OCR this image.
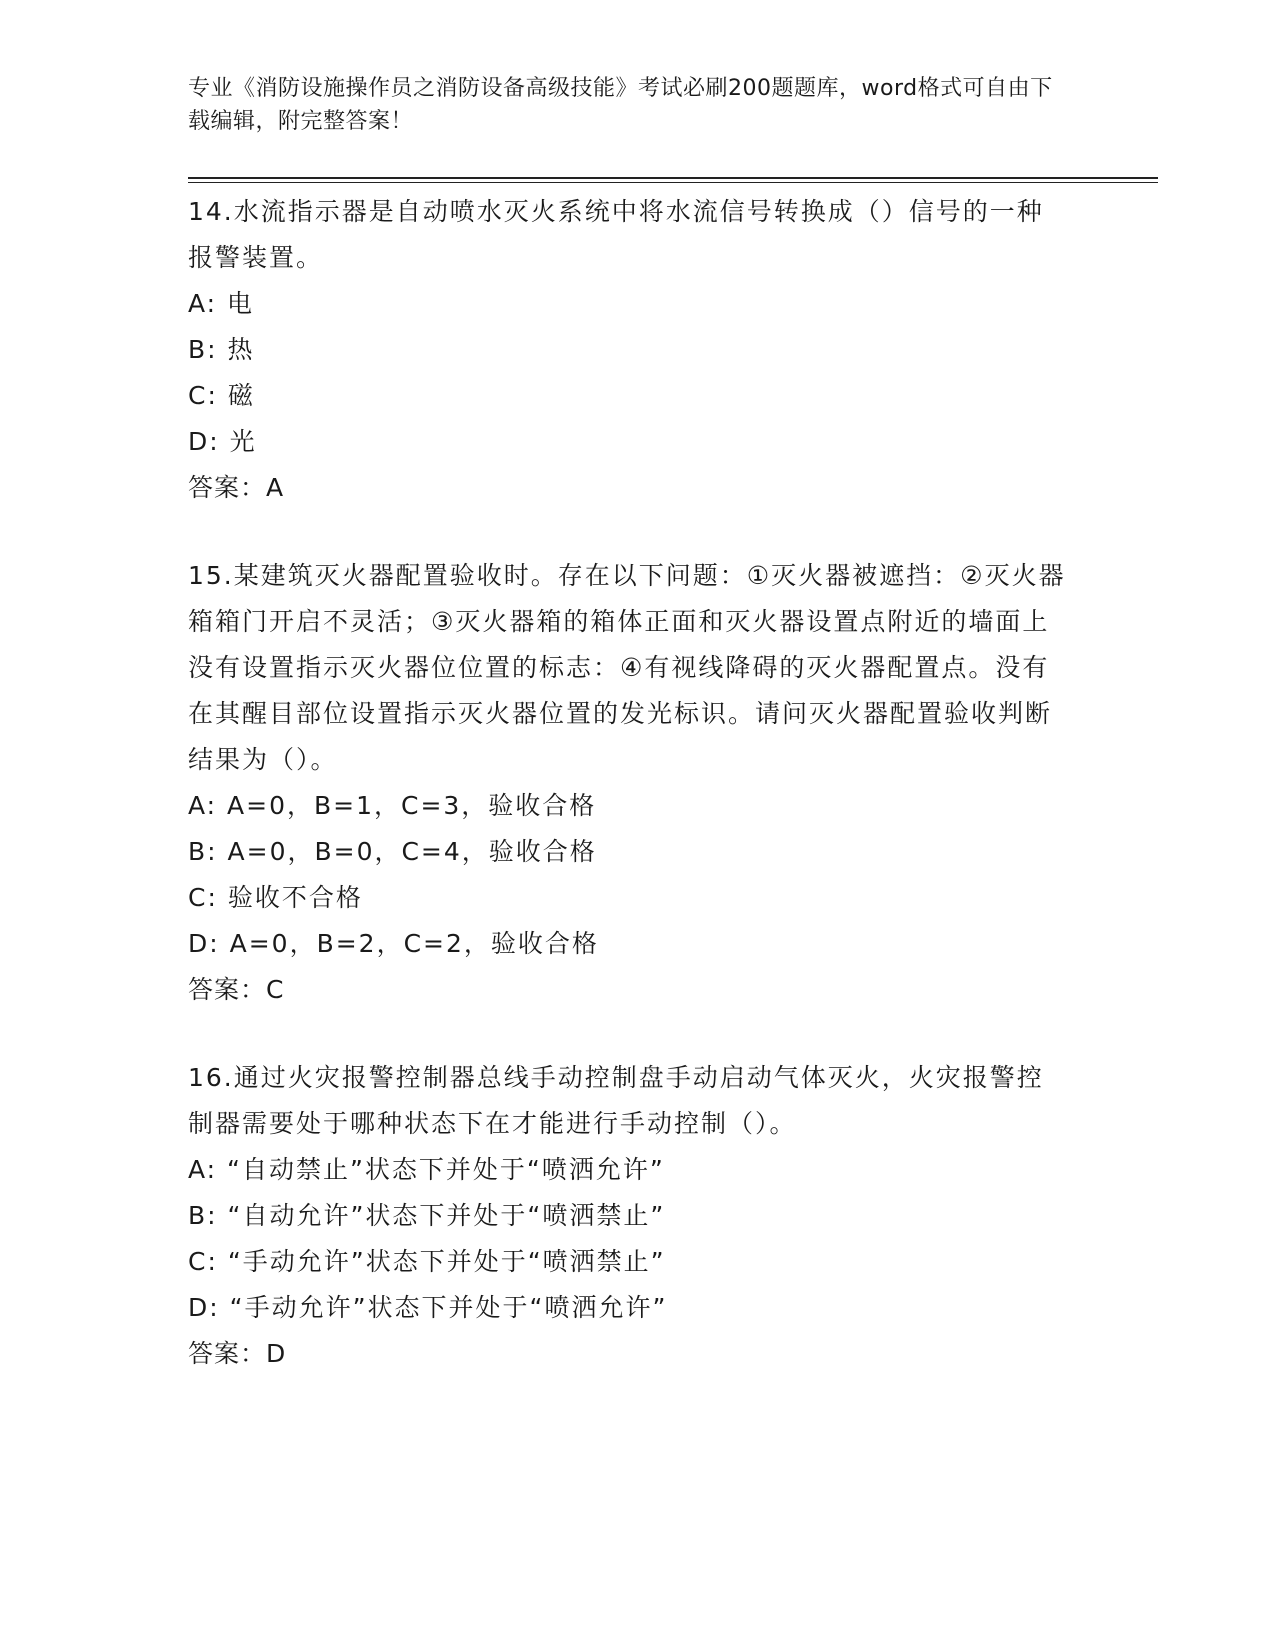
专业《消防设施操作员之消防设备高级技能》考试必刷200题题库，word格式可自由下载编辑，附完整答案！

14.水流指示器是自动喷水灭火系统中将水流信号转换成（）信号的一种报警装置。

A: 电

B: 热

C: 磁

D: 光

答案：A

15.某建筑灭火器配置验收时。存在以下问题：①灭火器被遮挡：②灭火器箱箱门开启不灵活；③灭火器箱的箱体正面和灭火器设置点附近的墙面上没有设置指示灭火器位位置的标志：④有视线降碍的灭火器配置点。没有在其醒目部位设置指示灭火器位置的发光标识。请问灭火器配置验收判断结果为（）。

A: A=0，B=1，C=3，验收合格

B: A=0，B=0，C=4，验收合格

C: 验收不合格

D: A=0，B=2，C=2，验收合格

答案：C

16.通过火灾报警控制器总线手动控制盘手动启动气体灭火，火灾报警控制器需要处于哪种状态下在才能进行手动控制（）。

A: “自动禁止”状态下并处于“喷洒允许”

B: “自动允许”状态下并处于“喷洒禁止”

C: “手动允许”状态下并处于“喷洒禁止”

D: “手动允许”状态下并处于“喷洒允许”

答案：D
